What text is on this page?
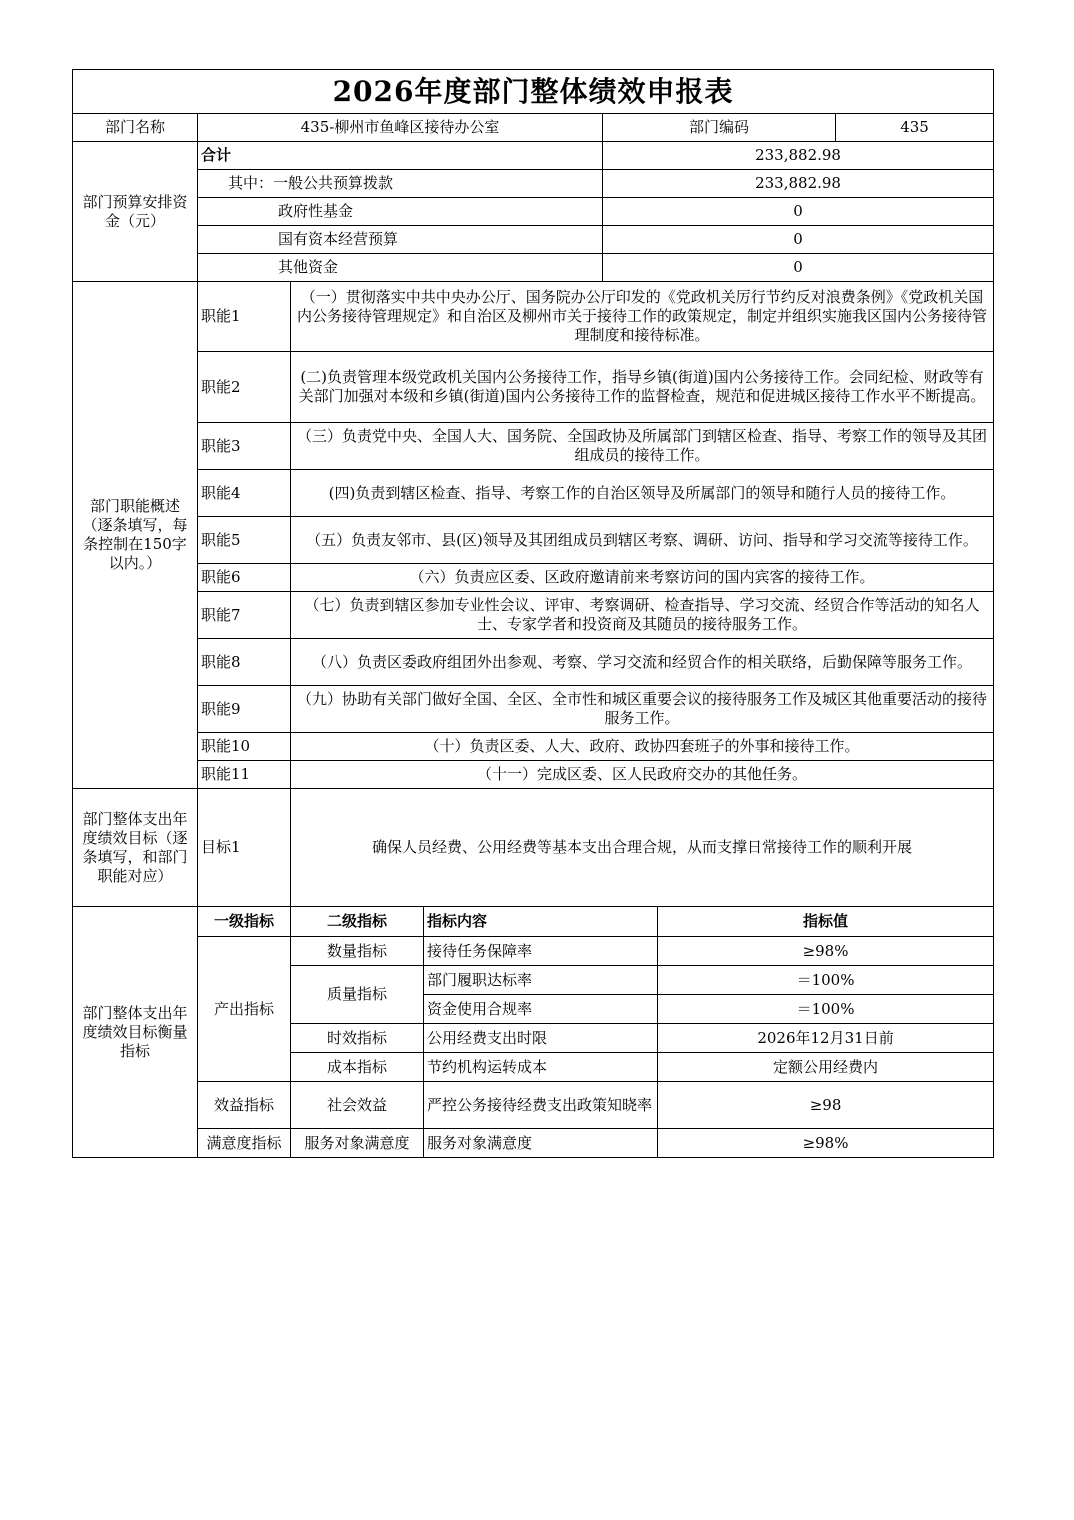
2026年度部门整体绩效申报表						
部门名称	435-柳州市鱼峰区接待办公室			部门编码		435
部门预算安排资金（元）	合计			233,882.98		
	其中：一般公共预算拨款			233,882.98		
	政府性基金			0		
	国有资本经营预算			0		
	其他资金			0		
部门职能概述（逐条填写，每条控制在150字以内。）	职能1	（一）贯彻落实中共中央办公厅、国务院办公厅印发的《党政机关厉行节约反对浪费条例》《党政机关国内公务接待管理规定》和自治区及柳州市关于接待工作的政策规定，制定并组织实施我区国内公务接待管理制度和接待标准。				
	职能2	(二)负责管理本级党政机关国内公务接待工作，指导乡镇(街道)国内公务接待工作。会同纪检、财政等有关部门加强对本级和乡镇(街道)国内公务接待工作的监督检查，规范和促进城区接待工作水平不断提高。				
	职能3	（三）负责党中央、全国人大、国务院、全国政协及所属部门到辖区检查、指导、考察工作的领导及其团组成员的接待工作。				
	职能4	(四)负责到辖区检查、指导、考察工作的自治区领导及所属部门的领导和随行人员的接待工作。				
	职能5	（五）负责友邻市、县(区)领导及其团组成员到辖区考察、调研、访问、指导和学习交流等接待工作。				
	职能6	（六）负责应区委、区政府邀请前来考察访问的国内宾客的接待工作。				
	职能7	（七）负责到辖区参加专业性会议、评审、考察调研、检查指导、学习交流、经贸合作等活动的知名人士、专家学者和投资商及其随员的接待服务工作。				
	职能8	（八）负责区委政府组团外出参观、考察、学习交流和经贸合作的相关联络，后勤保障等服务工作。				
	职能9	（九）协助有关部门做好全国、全区、全市性和城区重要会议的接待服务工作及城区其他重要活动的接待服务工作。				
	职能10	（十）负责区委、人大、政府、政协四套班子的外事和接待工作。				
	职能11	（十一）完成区委、区人民政府交办的其他任务。				
部门整体支出年度绩效目标（逐条填写，和部门职能对应）	目标1	确保人员经费、公用经费等基本支出合理合规，从而支撑日常接待工作的顺利开展				
部门整体支出年度绩效目标衡量指标	一级指标	二级指标	指标内容		指标值	
	产出指标	数量指标	接待任务保障率		≥98%	
		质量指标	部门履职达标率		＝100%	
			资金使用合规率		＝100%	
		时效指标	公用经费支出时限		2026年12月31日前	
		成本指标	节约机构运转成本		定额公用经费内	
	效益指标	社会效益	严控公务接待经费支出政策知晓率		≥98	
	满意度指标	服务对象满意度	服务对象满意度		≥98%	
